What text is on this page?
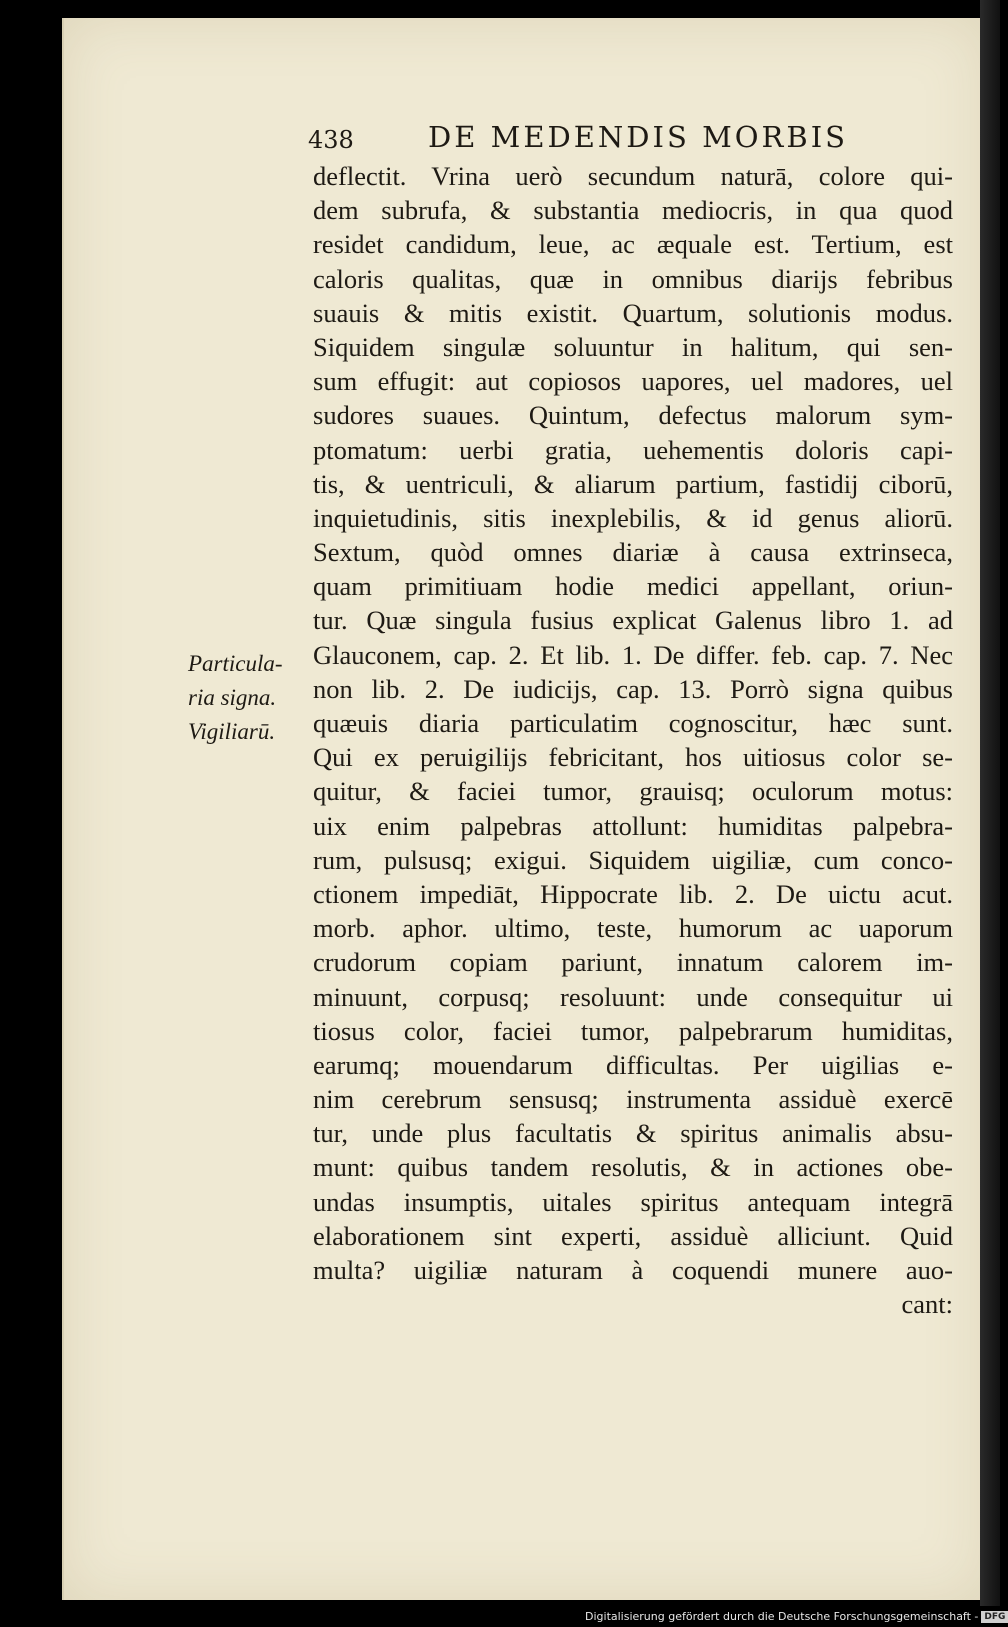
438	DE MEDENDIS MORBIS
deflectit. Vrina uerò secundum naturā, colore qui-
dem subrufa, & substantia mediocris, in qua quod
residet candidum, leue, ac æquale est. Tertium, est
caloris qualitas, quæ in omnibus diarijs febribus
suauis & mitis existit. Quartum, solutionis modus.
Siquidem singulæ soluuntur in halitum, qui sen-
sum effugit: aut copiosos uapores, uel madores, uel
sudores suaues. Quintum, defectus malorum sym-
ptomatum: uerbi gratia, uehementis doloris capi-
tis, & uentriculi, & aliarum partium, fastidij ciborū,
inquietudinis, sitis inexplebilis, & id genus aliorū.
Sextum, quòd omnes diariæ à causa extrinseca,
quam primitiuam hodie medici appellant, oriun-
tur. Quæ singula fusius explicat Galenus libro 1. ad
Glauconem, cap. 2. Et lib. 1. De differ. feb. cap. 7. Nec
non lib. 2. De iudicijs, cap. 13. Porrò signa quibus
quæuis diaria particulatim cognoscitur, hæc sunt.
Qui ex peruigilijs febricitant, hos uitiosus color se-
quitur, & faciei tumor, grauisq; oculorum motus:
uix enim palpebras attollunt: humiditas palpebra-
rum, pulsusq; exigui. Siquidem uigiliæ, cum conco-
ctionem impediāt, Hippocrate lib. 2. De uictu acut.
morb. aphor. ultimo, teste, humorum ac uaporum
crudorum copiam pariunt, innatum calorem im-
minuunt, corpusq; resoluunt: unde consequitur ui
tiosus color, faciei tumor, palpebrarum humiditas,
earumq; mouendarum difficultas. Per uigilias e-
nim cerebrum sensusq; instrumenta assiduè exercē
tur, unde plus facultatis & spiritus animalis absu-
munt: quibus tandem resolutis, & in actiones obe-
undas insumptis, uitales spiritus antequam integrā
elaborationem sint experti, assiduè alliciunt. Quid
multa? uigiliæ naturam à coquendi munere auo-
cant:
Particula-
ria signa.
Vigiliarū.
Digitalisierung gefördert durch die Deutsche Forschungsgemeinschaft - DFG
